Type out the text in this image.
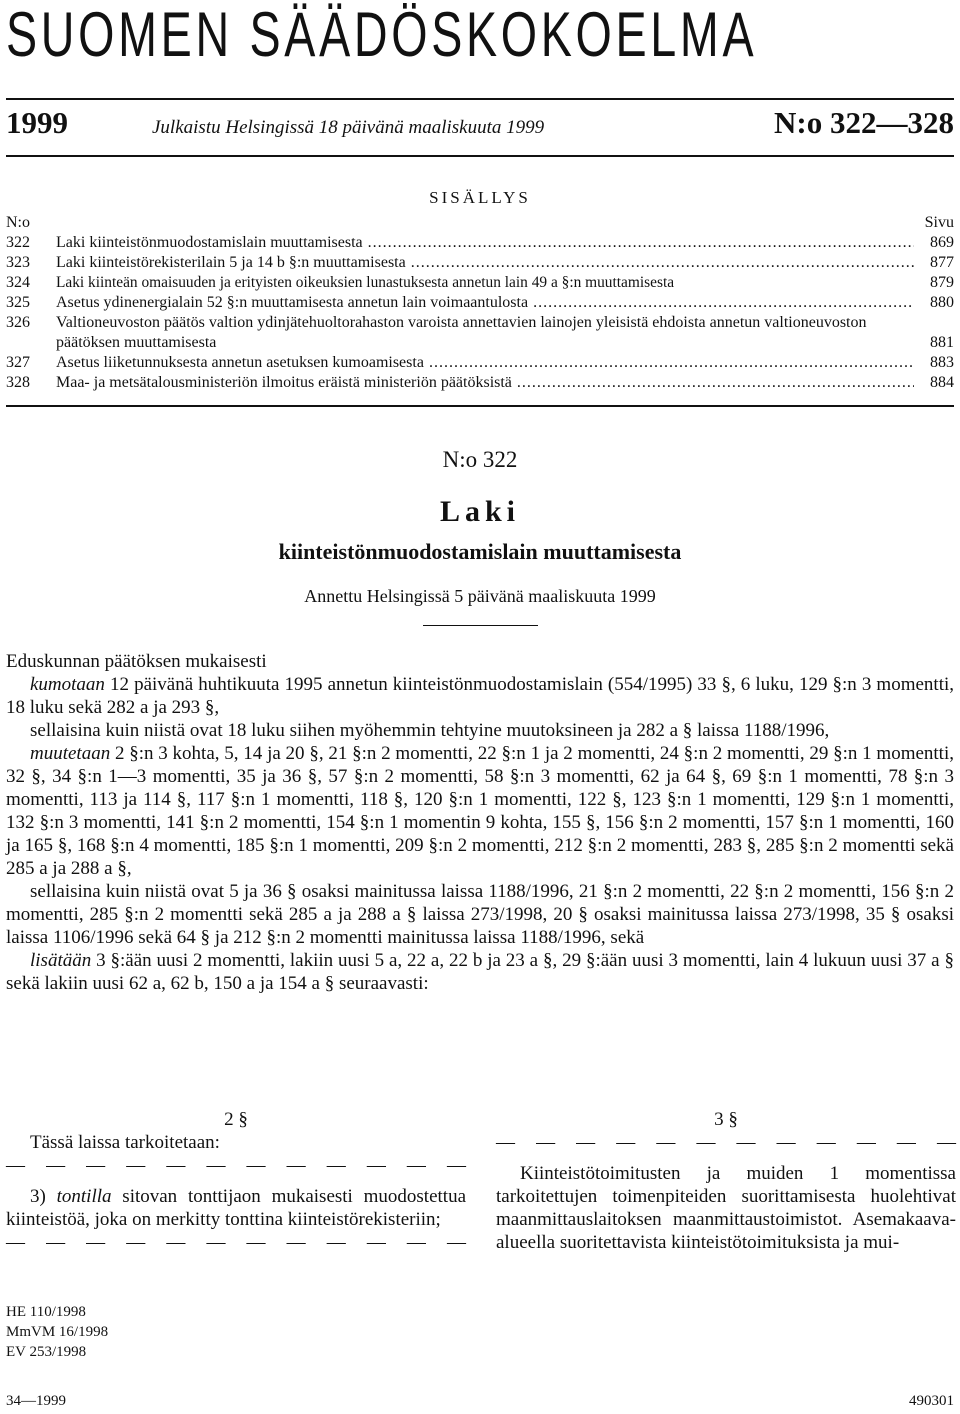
SUOMEN SÄÄDÖSKOKOELMA
1999	Julkaistu Helsingissä 18 päivänä maaliskuuta 1999	N:o 322—328
SISÄLLYS
N:o	Sivu
322	Laki kiinteistönmuodostamislain muuttamisesta .....	869
323	Laki kiinteistörekisterilain 5 ja 14 b §:n muuttamisesta .....	877
324	Laki kiinteän omaisuuden ja erityisten oikeuksien lunastuksesta annetun lain 49 a §:n muuttamisesta	879
325	Asetus ydinenergialain 52 §:n muuttamisesta annetun lain voimaantulosta .....	880
326	Valtioneuvoston päätös valtion ydinjätehuoltorahaston varoista annettavien lainojen yleisistä ehdoista annetun valtioneuvoston päätöksen muuttamisesta	881
327	Asetus liiketunnuksesta annetun asetuksen kumoamisesta .....	883
328	Maa- ja metsätalousministeriön ilmoitus eräistä ministeriön päätöksistä .....	884
N:o 322
Laki
kiinteistönmuodostamislain muuttamisesta
Annettu Helsingissä 5 päivänä maaliskuuta 1999

Eduskunnan päätöksen mukaisesti

kumotaan 12 päivänä huhtikuuta 1995 annetun kiinteistönmuodostamislain (554/1995) 33 §, 6 luku, 129 §:n 3 momentti, 18 luku sekä 282 a ja 293 §,

sellaisina kuin niistä ovat 18 luku siihen myöhemmin tehtyine muutoksineen ja 282 a § laissa 1188/1996,

muutetaan 2 §:n 3 kohta, 5, 14 ja 20 §, 21 §:n 2 momentti, 22 §:n 1 ja 2 momentti, 24 §:n 2 momentti, 29 §:n 1 momentti, 32 §, 34 §:n 1—3 momentti, 35 ja 36 §, 57 §:n 2 momentti, 58 §:n 3 momentti, 62 ja 64 §, 69 §:n 1 momentti, 78 §:n 3 momentti, 113 ja 114 §, 117 §:n 1 momentti, 118 §, 120 §:n 1 momentti, 122 §, 123 §:n 1 momentti, 129 §:n 1 momentti, 132 §:n 3 momentti, 141 §:n 2 momentti, 154 §:n 1 momentin 9 kohta, 155 §, 156 §:n 2 momentti, 157 §:n 1 momentti, 160 ja 165 §, 168 §:n 4 momentti, 185 §:n 1 momentti, 209 §:n 2 momentti, 212 §:n 2 momentti, 283 §, 285 §:n 2 momentti sekä 285 a ja 288 a §,

sellaisina kuin niistä ovat 5 ja 36 § osaksi mainitussa laissa 1188/1996, 21 §:n 2 momentti, 22 §:n 2 momentti, 156 §:n 2 momentti, 285 §:n 2 momentti sekä 285 a ja 288 a § laissa 273/1998, 20 § osaksi mainitussa laissa 273/1998, 35 § osaksi laissa 1106/1996 sekä 64 § ja 212 §:n 2 momentti mainitussa laissa 1188/1996, sekä

lisätään 3 §:ään uusi 2 momentti, lakiin uusi 5 a, 22 a, 22 b ja 23 a §, 29 §:ään uusi 3 momentti, lain 4 lukuun uusi 37 a § sekä lakiin uusi 62 a, 62 b, 150 a ja 154 a § seuraavasti:

2 §

Tässä laissa tarkoitetaan:

— — — — — — — — — — — —

3) tontilla sitovan tonttijaon mukaisesti muodostettua kiinteistöä, joka on merkitty tonttina kiinteistörekisteriin;

— — — — — — — — — — — —

3 §

— — — — — — — — — — — —

Kiinteistötoimitusten ja muiden 1 momentissa tarkoitettujen toimenpiteiden suorittamisesta huolehtivat maanmittauslaitoksen maanmittaustoimistot. Asemakaava-alueella suoritettavista kiinteistötoimituksista ja mui-

HE 110/1998
MmVM 16/1998
EV 253/1998
34—1999	490301
